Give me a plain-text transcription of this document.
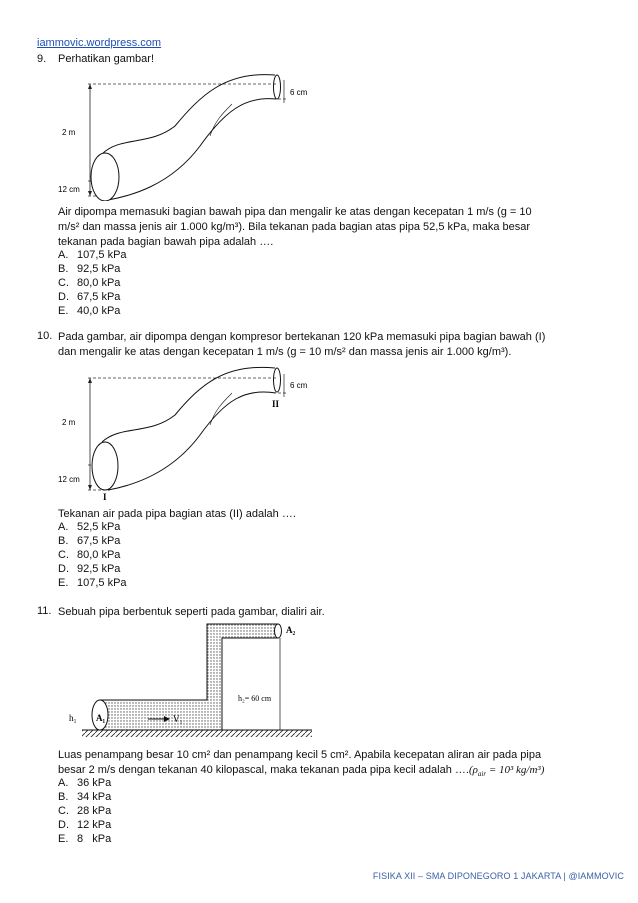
iammovic.wordpress.com
9. Perhatikan gambar!
6 cm
2 m
12 cm
Air dipompa memasuki bagian bawah pipa dan mengalir ke atas dengan kecepatan 1 m/s (g = 10
m/s² dan massa jenis air 1.000 kg/m³). Bila tekanan pada bagian atas pipa 52,5 kPa, maka besar
tekanan pada bagian bawah pipa adalah ….
A. 107,5 kPa
B. 92,5 kPa
C. 80,0 kPa
D. 67,5 kPa
E. 40,0 kPa
10. Pada gambar, air dipompa dengan kompresor bertekanan 120 kPa memasuki pipa bagian bawah (I)
dan mengalir ke atas dengan kecepatan 1 m/s (g = 10 m/s² dan massa jenis air 1.000 kg/m³).
6 cm
II
2 m
12 cm
I
Tekanan air pada pipa bagian atas (II) adalah ….
A. 52,5 kPa
B. 67,5 kPa
C. 80,0 kPa
D. 92,5 kPa
E. 107,5 kPa
11. Sebuah pipa berbentuk seperti pada gambar, dialiri air.
A₁
h₁	V₁
A₂
h₂= 60 cm
Luas penampang besar 10 cm² dan penampang kecil 5 cm². Apabila kecepatan aliran air pada pipa
besar 2 m/s dengan tekanan 40 kilopascal, maka tekanan pada pipa kecil adalah $\dots.(\rho_{air} = 10^3$ kg/m³)
A. 36 kPa
B. 34 kPa
C. 28 kPa
D. 12 kPa
E. 8   kPa
FISIKA XII – SMA DIPONEGORO 1 JAKARTA | @IAMMOVIC
